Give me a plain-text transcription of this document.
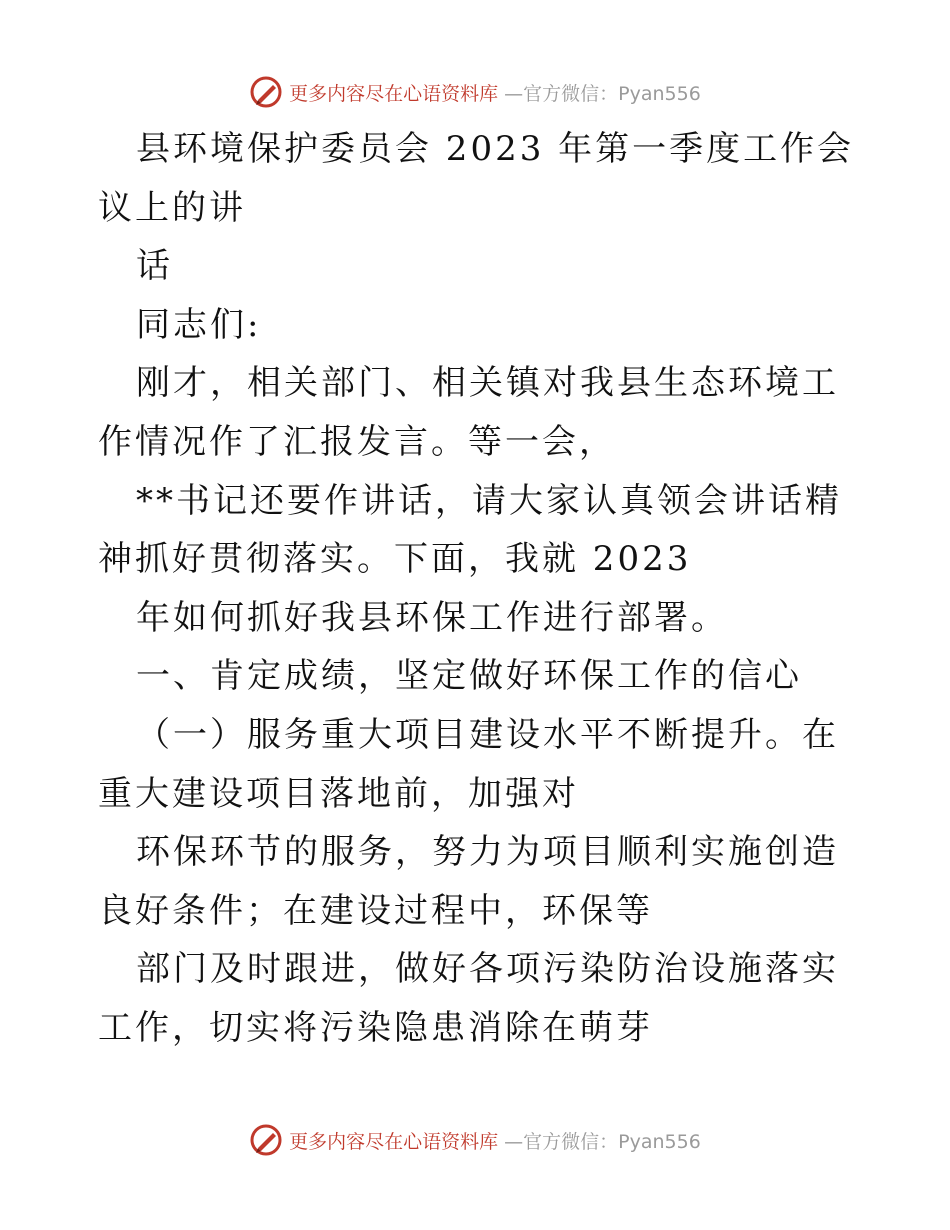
更多内容尽在心语资料库 —官方微信：Pyan556

县环境保护委员会 2023 年第一季度工作会议上的讲

话

同志们:

刚才，相关部门、相关镇对我县生态环境工作情况作了汇报发言。等一会，

**书记还要作讲话，请大家认真领会讲话精神抓好贯彻落实。下面，我就 2023

年如何抓好我县环保工作进行部署。

一、肯定成绩，坚定做好环保工作的信心

（一）服务重大项目建设水平不断提升。在重大建设项目落地前，加强对

环保环节的服务，努力为项目顺利实施创造良好条件；在建设过程中，环保等

部门及时跟进，做好各项污染防治设施落实工作，切实将污染隐患消除在萌芽

更多内容尽在心语资料库 —官方微信：Pyan556
